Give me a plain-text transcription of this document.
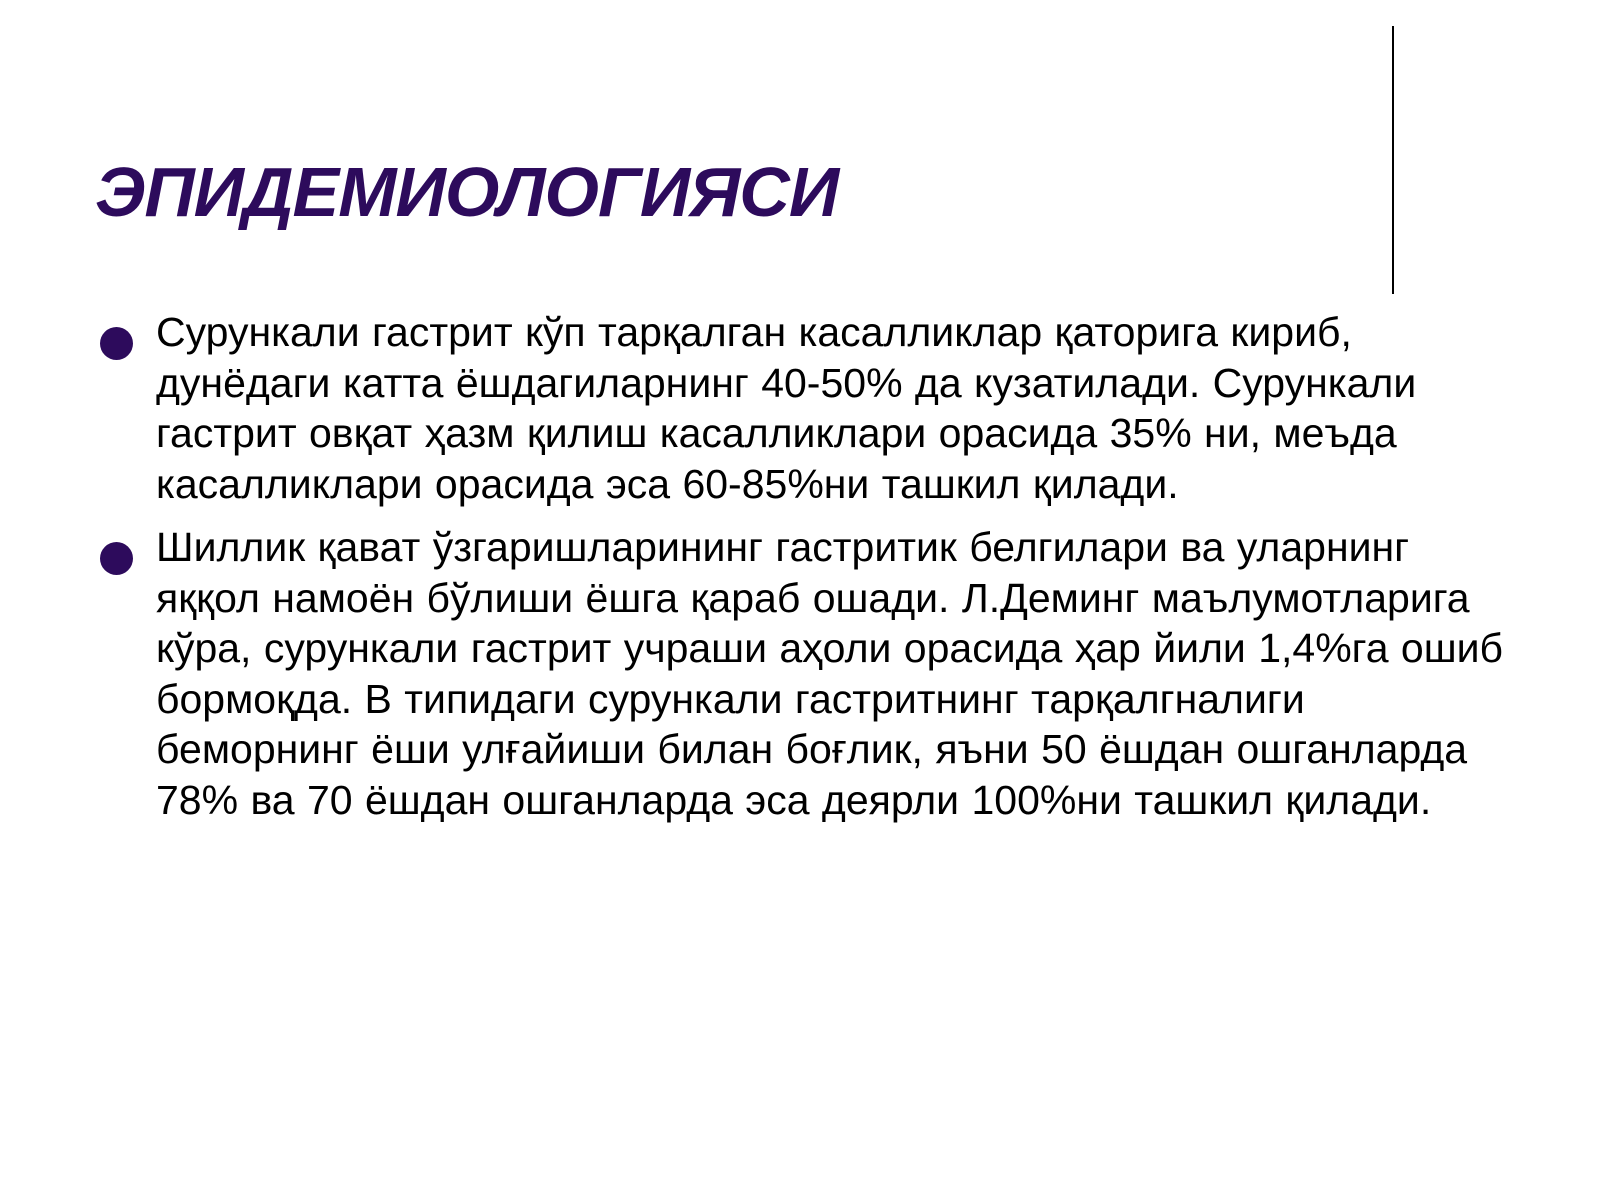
ЭПИДЕМИОЛОГИЯСИ
Сурункали гастрит кўп тарқалган касалликлар қаторига кириб, дунёдаги катта ёшдагиларнинг 40-50% да кузатилади. Сурункали гастрит овқат ҳазм қилиш касалликлари орасида 35% ни, меъда касалликлари орасида эса 60-85%ни ташкил қилади.
Шиллик қават ўзгаришларининг гастритик белгилари ва уларнинг яққол намоён бўлиши ёшга қараб ошади. Л.Деминг маълумотларига кўра, сурункали гастрит учраши аҳоли орасида ҳар йили 1,4%га ошиб бормоқда. В типидаги сурункали гастритнинг тарқалгналиги беморнинг ёши улғайиши билан боғлик, яъни 50 ёшдан ошганларда 78% ва 70 ёшдан ошганларда эса деярли 100%ни ташкил қилади.
